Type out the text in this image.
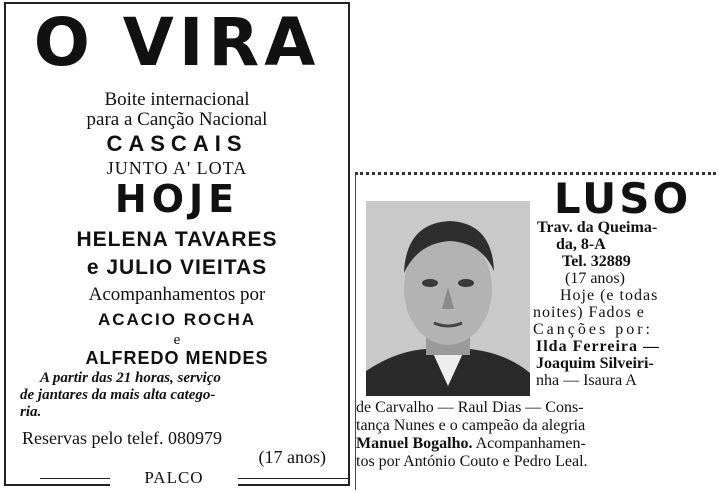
O VIRA
Boite internacional
para a Canção Nacional
CASCAIS
JUNTO A' LOTA
HOJE
HELENA TAVARES
e JULIO VIEITAS
Acompanhamentos por
ACACIO ROCHA
e
ALFREDO MENDES
A partir das 21 horas, serviço
de jantares da mais alta catego-
ria.
Reservas pelo telef. 080979
(17 anos)
PALCO
LUSO
Trav. da Queima-
da, 8-A
Tel. 32889
(17 anos)
Hoje (e todas
noites) Fados e
Canções por:
Ilda Ferreira —
Joaquim Silveiri-
nha — Isaura A
de Carvalho — Raul Dias — Cons-
tança Nunes e o campeão da alegria
Manuel Bogalho. Acompanhamen-
tos por António Couto e Pedro Leal.
